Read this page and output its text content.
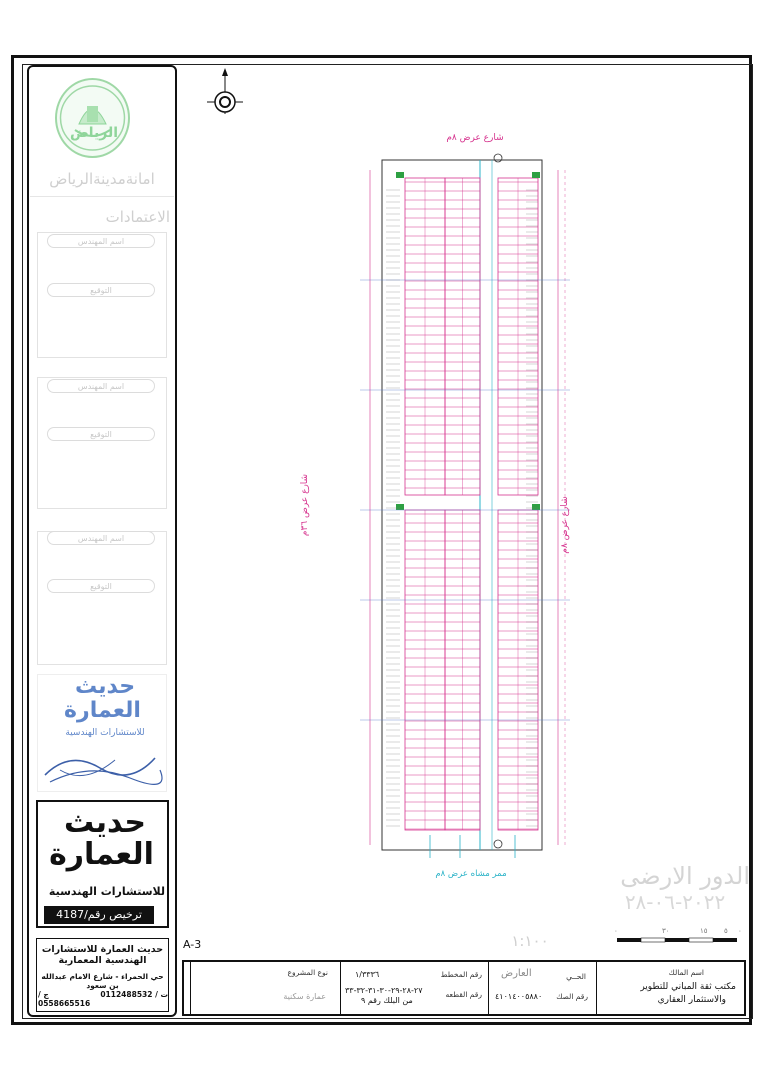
الرياض
امانةمدينةالرياض
الاعتمادات
اسم المهندس
التوقيع
اسم المهندس
التوقيع
اسم المهندس
التوقيع
حديث
العمارة
للاستشارات الهندسية
حديث
العمارة
للاستشارات الهندسية
ترخيص رقم/4187
حديث العمارة للاستشارات الهندسية المعمارية
حي الحمراء - شارع الامام عبدالله بن سعود
ج / 0558665516
ت / 0112488532
شارع عرض ٨م
شارع عرض ٣٦م
شارع عرض ٨م
ممر مشاه عرض ٨م	الدور الارضى
٢٠٢٢-٠٦-٢٨
١:١٠٠
A-3
٠	٣٠	١٥ ٥ ٠
نوع المشروع
عمارة سكنية
رقم المخطط
١/٣٣٣٦
رقم القطعه
٢٧-٢٨-٢٩-٣٠-٣١-٣٢-٣٣
من البلك رقم ٩
الحــي
العارض
رقم الصك
٤١٠١٤٠٠٥٨٨٠
اسم المالك
مكتب ثقة المباني للتطوير
والاستثمار العقاري
